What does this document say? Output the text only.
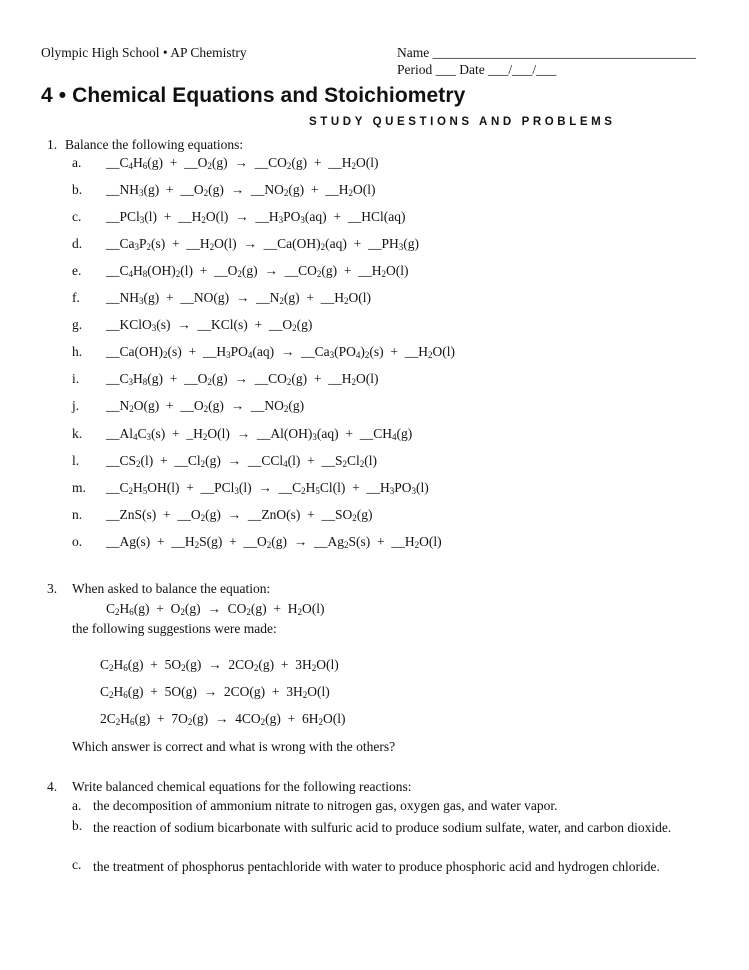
Olympic High School • AP Chemistry	Name _______________________________________
Period ___ Date ___/___/___
4 • Chemical Equations and Stoichiometry
STUDY QUESTIONS AND PROBLEMS
1. Balance the following equations:
a. $\_\_C_4H_6(g)$  +  $\_\_O_2(g)$  →  $\_\_CO_2(g)$  +  $\_\_H_2O(l)$
b. $\_\_NH_3(g)$  +  $\_\_O_2(g)$  →  $\_\_NO_2(g)$  +  $\_\_H_2O(l)$
c. __PCl$_3$(l)  +  $\_\_H_2O(l)$  →  $\_\_H_3PO_3(aq)$  +  __HCl(aq)
d. $\_\_Ca_3P_2(s)$  +  $\_\_H_2O(l)$  →  $\_\_Ca(OH)_2(aq)$  +  $\_\_PH_3(g)$
e. $\_\_C_4H_8(OH)_2(l)$  +  $\_\_O_2(g)$  →  $\_\_CO_2(g)$  +  $\_\_H_2O(l)$
f. $\_\_NH_3(g)$  +  __NO(g)  →  $\_\_N_2(g)$  +  $\_\_H_2O(l)$
g. __KClO$_3$(s)  →  __KCl(s)  +  $\_\_O_2(g)$
h. $\_\_Ca(OH)_2(s)$  +  $\_\_H_3PO_4(aq)$  →  $\_\_Ca_3(PO_4)_2(s)$  +  $\_\_H_2O(l)$
i. $\_\_C_3H_8(g)$  +  $\_\_O_2(g)$  →  $\_\_CO_2(g)$  +  $\_\_H_2O(l)$
j. $\_\_N_2O(g)$  +  $\_\_O_2(g)$  →  $\_\_NO_2(g)$
k. $\_\_Al_4C_3(s)$  +  $\_H_2O(l)$  →  $\_\_Al(OH)_3(aq)$  +  $\_\_CH_4(g)$
l. $\_\_CS_2(l)$  +  $\_\_Cl_2(g)$  →  __CCl$_4$(l)  +  $\_\_S_2Cl_2(l)$
m. $\_\_C_2H_5OH(l)$  +  __PCl$_3$(l)  →  $\_\_C_2H_5Cl(l)$  +  $\_\_H_3PO_3(l)$
n. __ZnS(s)  +  $\_\_O_2(g)$  →  __ZnO(s)  +  $\_\_SO_2(g)$
o. __Ag(s)  +  $\_\_H_2S(g)$  +  $\_\_O_2(g)$  →  $\_\_Ag_2S(s)$  +  $\_\_H_2O(l)$
3. When asked to balance the equation:
$C_2H_6(g) + O_2(g) \to CO_2(g) + H_2O(l)$
the following suggestions were made:
$C_2H_6(g) + 5O_2(g) \to 2CO_2(g) + 3H_2O(l)$
$C_2H_6(g) + 5O(g) \to 2CO(g) + 3H_2O(l)$
$2C_2H_6(g) + 7O_2(g) \to 4CO_2(g) + 6H_2O(l)$
Which answer is correct and what is wrong with the others?
4. Write balanced chemical equations for the following reactions:
a. the decomposition of ammonium nitrate to nitrogen gas, oxygen gas, and water vapor.
b. the reaction of sodium bicarbonate with sulfuric acid to produce sodium sulfate, water, and carbon dioxide.
c. the treatment of phosphorus pentachloride with water to produce phosphoric acid and hydrogen chloride.
